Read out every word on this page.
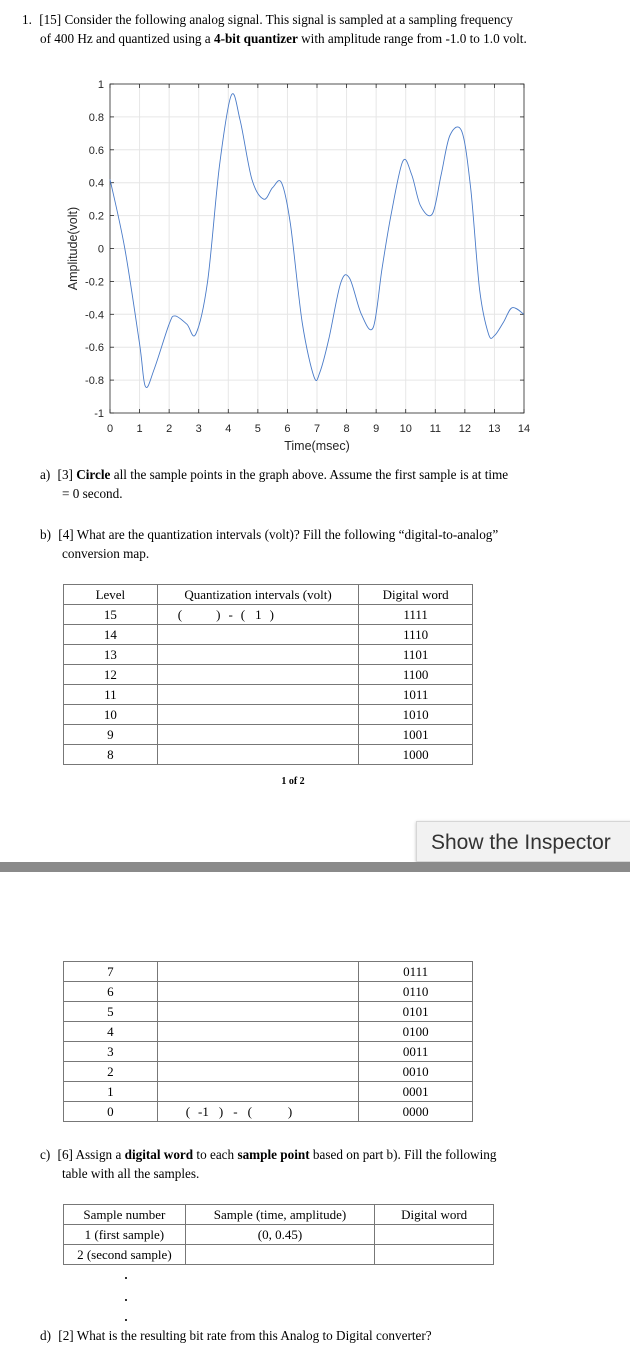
1. [15] Consider the following analog signal. This signal is sampled at a sampling frequency
of 400 Hz and quantized using a 4-bit quantizer with amplitude range from -1.0 to 1.0 volt.
0 1 2 3 4 5 6 7 8 9 10 11 12 13 14
1
0.8
0.6
0.4
0.2
0
-0.2
-0.4
-0.6
-0.8
-1
Time(msec)
Amplitude(volt)
a) [3] Circle all the sample points in the graph above. Assume the first sample is at time
= 0 second.
b) [4] What are the quantization intervals (volt)? Fill the following “digital-to-analog”
conversion map.
Level	Quantization intervals (volt)	Digital word
15	( ) - ( 1 )	1111
14		1110
13		1101
12		1100
11		1011
10		1010
9		1001
8		1000
1 of 2
Show the Inspector
7		0111
6		0110
5		0101
4		0100
3		0011
2		0010
1		0001
0	( -1 ) - ( )	0000
c) [6] Assign a digital word to each sample point based on part b). Fill the following
table with all the samples.
Sample number	Sample (time, amplitude)	Digital word
1 (first sample)	(0, 0.45)	
2 (second sample)		
d) [2] What is the resulting bit rate from this Analog to Digital converter?
